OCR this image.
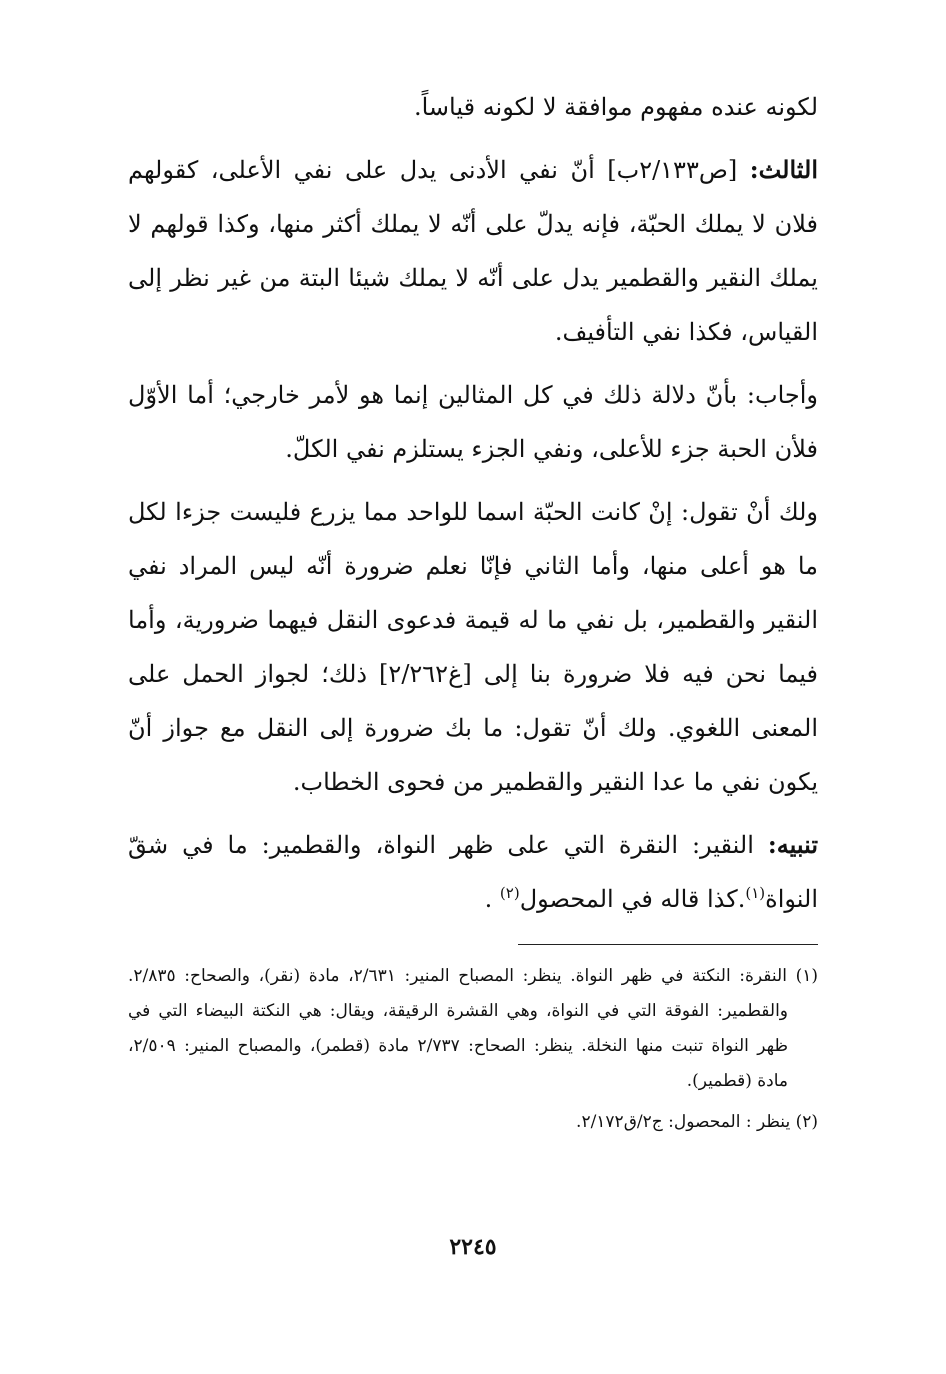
لكونه عنده مفهوم موافقة لا لكونه قياساً.

الثالث: [ص٢/١٣٣ب] أنّ نفي الأدنى يدل على نفي الأعلى، كقولهم فلان لا يملك الحبّة، فإنه يدلّ على أنّه لا يملك أكثر منها، وكذا قولهم لا يملك النقير والقطمير يدل على أنّه لا يملك شيئا البتة من غير نظر إلى القياس، فكذا نفي التأفيف.

وأجاب: بأنّ دلالة ذلك في كل المثالين إنما هو لأمر خارجي؛ أما الأوّل فلأن الحبة جزء للأعلى، ونفي الجزء يستلزم نفي الكلّ.

ولك أنْ تقول: إنْ كانت الحبّة اسما للواحد مما يزرع فليست جزءا لكل ما هو أعلى منها، وأما الثاني فإنّا نعلم ضرورة أنّه ليس المراد نفي النقير والقطمير، بل نفي ما له قيمة فدعوى النقل فيهما ضرورية، وأما فيما نحن فيه فلا ضرورة بنا إلى [غ٢/٢٦٢] ذلك؛ لجواز الحمل على المعنى اللغوي. ولك أنّ تقول: ما بك ضرورة إلى النقل مع جواز أنّ يكون نفي ما عدا النقير والقطمير من فحوى الخطاب.

تنبيه: النقير: النقرة التي على ظهر النواة، والقطمير: ما في شقّ النواة$^{(١)}$.كذا قاله في المحصول$^{(٢)}$ .

(١) النقرة: النكتة في ظهر النواة. ينظر: المصباح المنير: ٢/٦٣١، مادة (نقر)، والصحاح: ٢/٨٣٥. والقطمير: الفوقة التي في النواة، وهي القشرة الرقيقة، ويقال: هي النكتة البيضاء التي في ظهر النواة تنبت منها النخلة. ينظر: الصحاح: ٢/٧٣٧ مادة (قطمر)، والمصباح المنير: ٢/٥٠٩، مادة (قطمير).

(٢) ينظر : المحصول: ج٢/ق٢/١٧٢.

٢٢٤٥
